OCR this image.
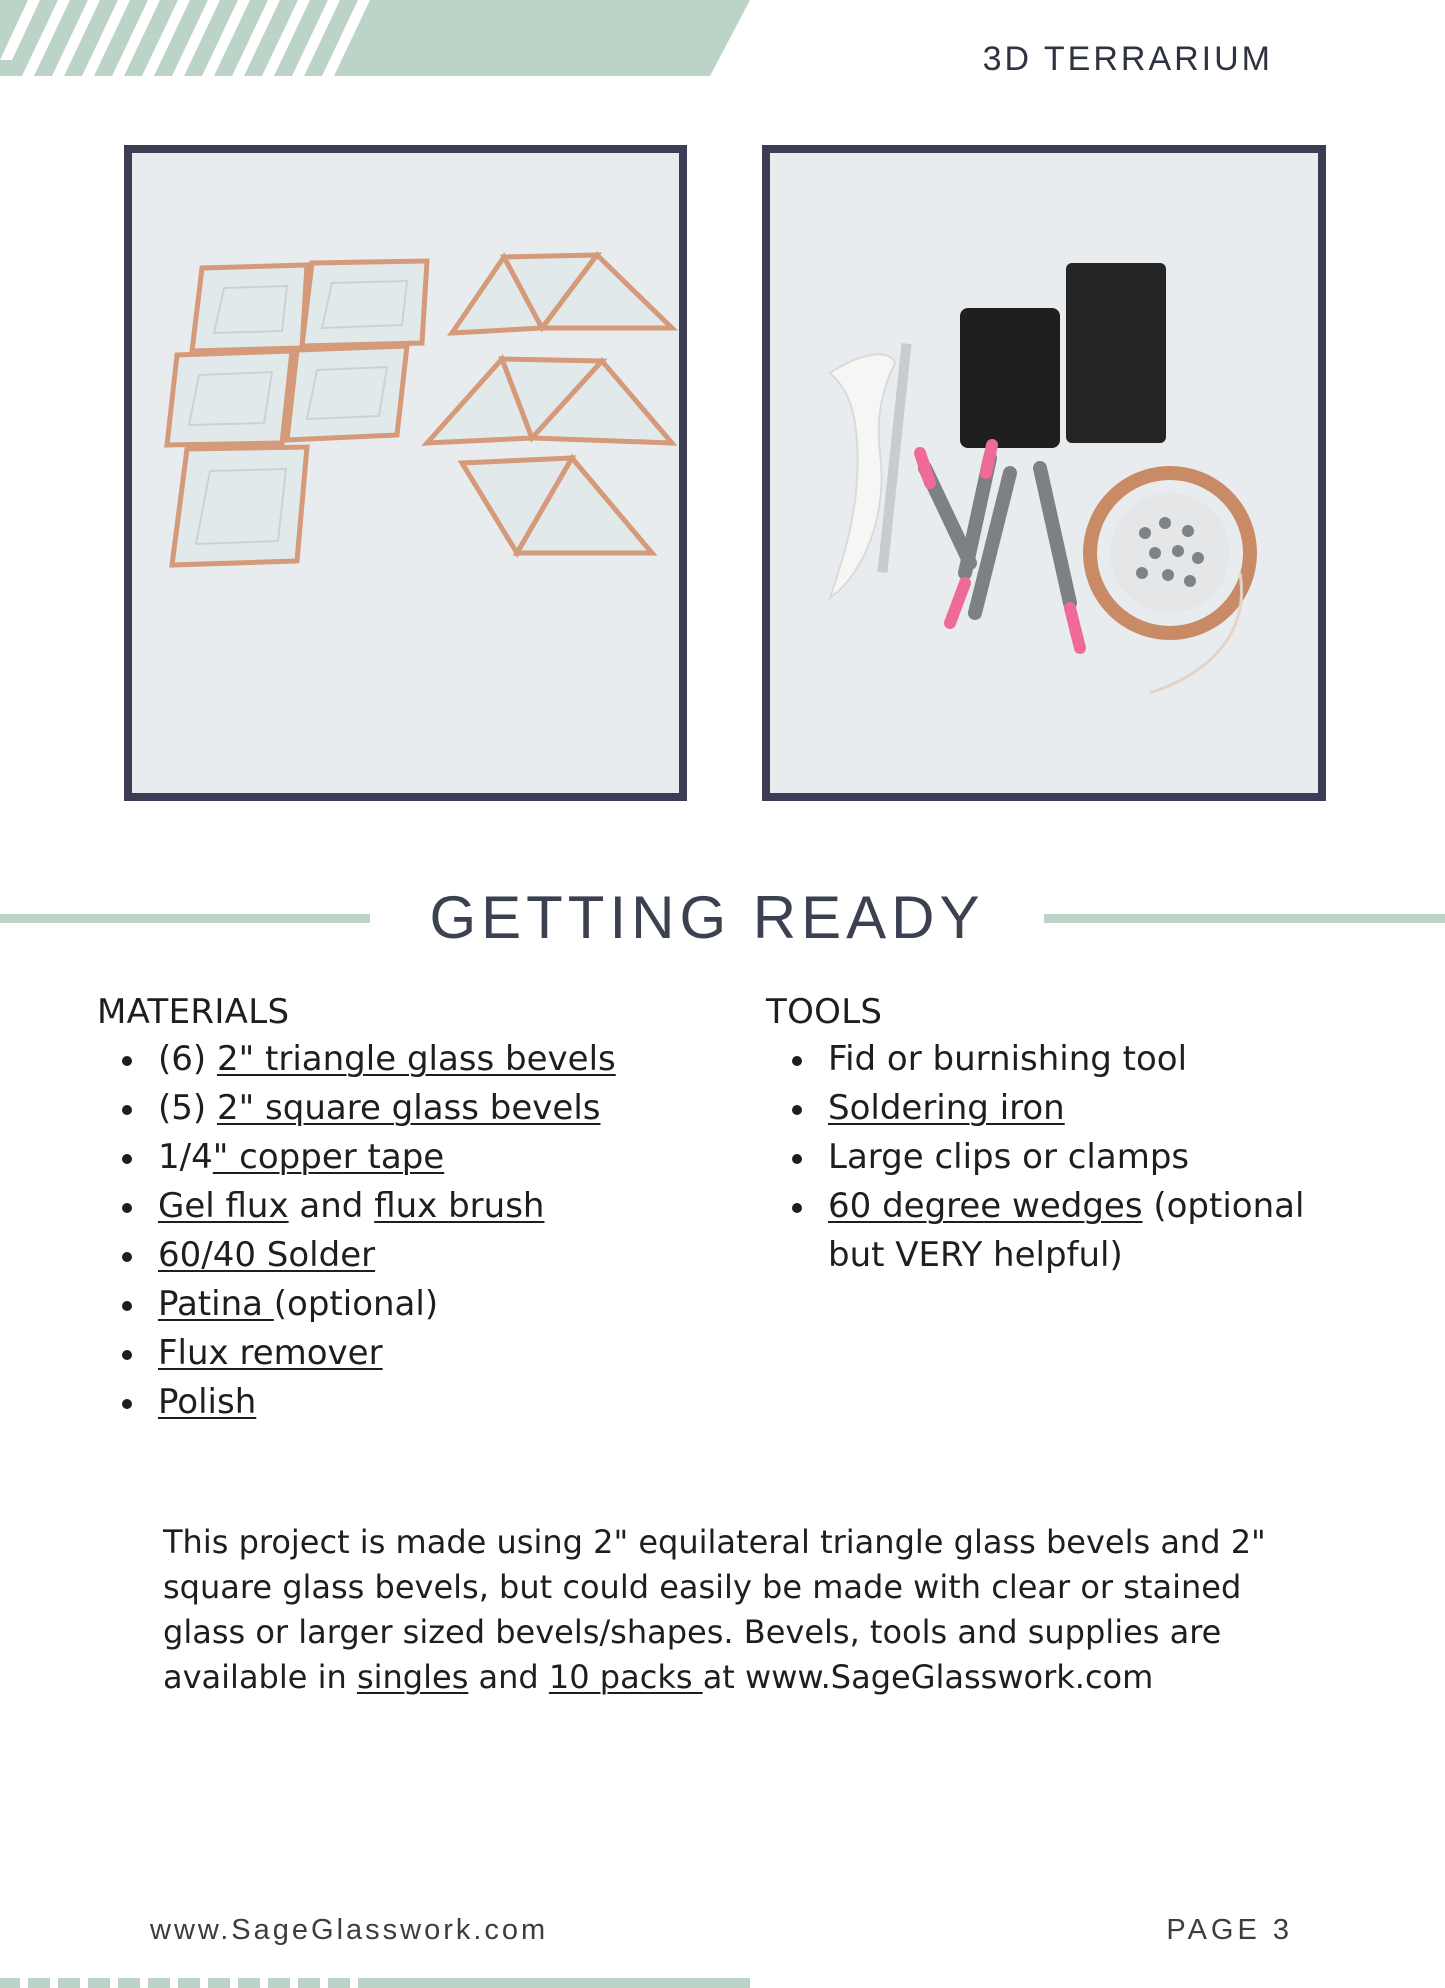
3D TERRARIUM
GETTING READY
MATERIALS
(6) 2" triangle glass bevels
(5) 2" square glass bevels
1/4" copper tape
Gel flux and flux brush
60/40 Solder
Patina (optional)
Flux remover
Polish
TOOLS
Fid or burnishing tool
Soldering iron
Large clips or clamps
60 degree wedges (optional but VERY helpful)
This project is made using 2" equilateral triangle glass bevels and 2" square glass bevels, but could easily be made with clear or stained glass or larger sized bevels/shapes. Bevels, tools and supplies are available in singles and 10 packs at www.SageGlasswork.com
www.SageGlasswork.com	PAGE 3
